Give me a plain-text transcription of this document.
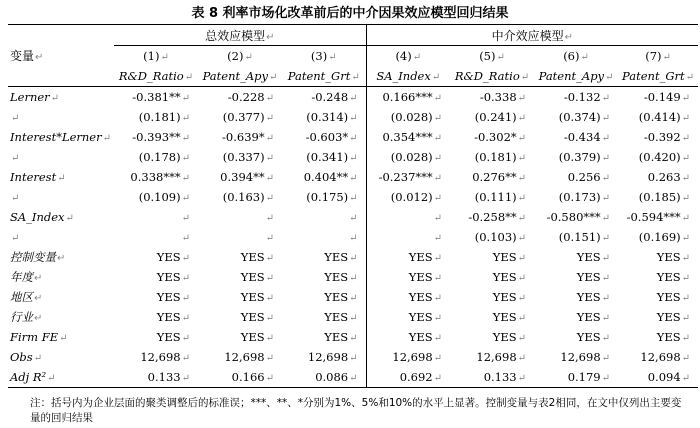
表 8 利率市场化改革前后的中介因果效应模型回归结果
变量↵	总效应模型↵			中介效应模型↵			
	(1)↵	(2)↵	(3)↵	(4)↵	(5)↵	(6)↵	(7)↵
	R&D_Ratio↵	Patent_Apy↵	Patent_Grt↵	SA_Index↵	R&D_Ratio↵	Patent_Apy↵	Patent_Grt↵
Lerner↵	-0.381**↵	-0.228↵	-0.248↵	0.166***↵	-0.338↵	-0.132↵	-0.149↵
↵	(0.181)↵	(0.377)↵	(0.314)↵	(0.028)↵	(0.241)↵	(0.374)↵	(0.414)↵
Interest*Lerner↵	-0.393**↵	-0.639*↵	-0.603*↵	0.354***↵	-0.302*↵	-0.434↵	-0.392↵
↵	(0.178)↵	(0.337)↵	(0.341)↵	(0.028)↵	(0.181)↵	(0.379)↵	(0.420)↵
Interest↵	0.338***↵	0.394**↵	0.404**↵	-0.237***↵	0.276**↵	0.256↵	0.263↵
↵	(0.109)↵	(0.163)↵	(0.175)↵	(0.012)↵	(0.111)↵	(0.173)↵	(0.185)↵
SA_Index↵	↵	↵	↵	↵	-0.258**↵	-0.580***↵	-0.594***↵
↵	↵	↵	↵	↵	(0.103)↵	(0.151)↵	(0.169)↵
控制变量↵	YES↵	YES↵	YES↵	YES↵	YES↵	YES↵	YES↵
年度↵	YES↵	YES↵	YES↵	YES↵	YES↵	YES↵	YES↵
地区↵	YES↵	YES↵	YES↵	YES↵	YES↵	YES↵	YES↵
行业↵	YES↵	YES↵	YES↵	YES↵	YES↵	YES↵	YES↵
Firm FE↵	YES↵	YES↵	YES↵	YES↵	YES↵	YES↵	YES↵
Obs↵	12,698↵	12,698↵	12,698↵	12,698↵	12,698↵	12,698↵	12,698↵
Adj R²↵	0.133↵	0.166↵	0.086↵	0.692↵	0.133↵	0.179↵	0.094↵
注：括号内为企业层面的聚类调整后的标准误；***、**、*分别为1%、5%和10%的水平上显著。控制变量与表2相同，在文中仅列出主要变量的回归结果
